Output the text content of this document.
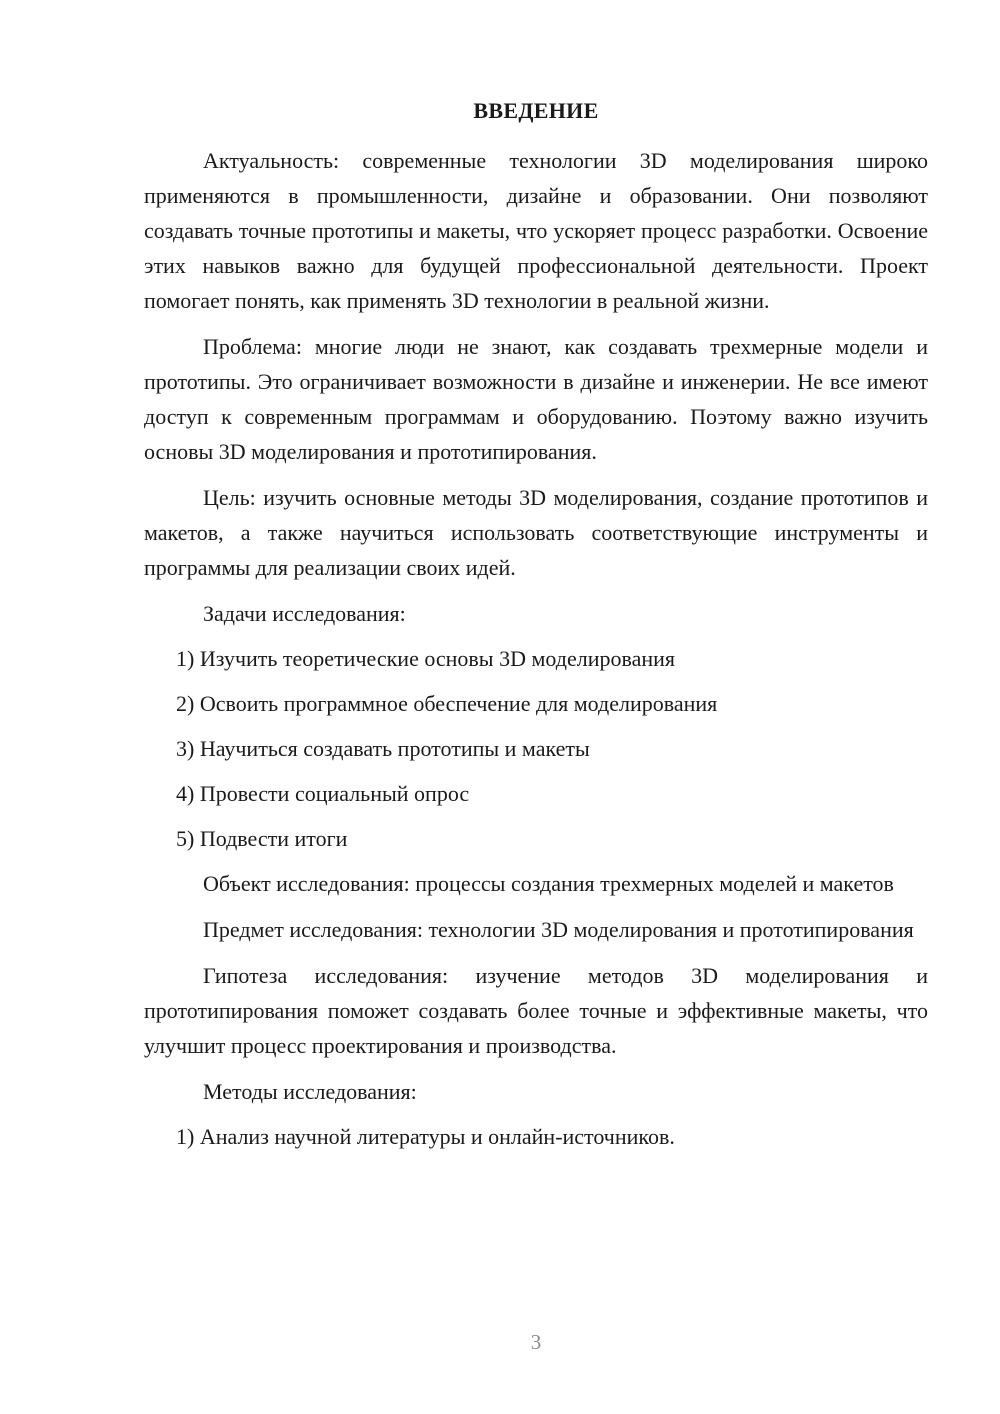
ВВЕДЕНИЕ

Актуальность: современные технологии 3D моделирования широко применяются в промышленности, дизайне и образовании. Они позволяют создавать точные прототипы и макеты, что ускоряет процесс разработки. Освоение этих навыков важно для будущей профессиональной деятельности. Проект помогает понять, как применять 3D технологии в реальной жизни.

Проблема: многие люди не знают, как создавать трехмерные модели и прототипы. Это ограничивает возможности в дизайне и инженерии. Не все имеют доступ к современным программам и оборудованию. Поэтому важно изучить основы 3D моделирования и прототипирования.

Цель: изучить основные методы 3D моделирования, создание прототипов и макетов, а также научиться использовать соответствующие инструменты и программы для реализации своих идей.

Задачи исследования:

1) Изучить теоретические основы 3D моделирования

2) Освоить программное обеспечение для моделирования

3) Научиться создавать прототипы и макеты

4) Провести социальный опрос

5) Подвести итоги

Объект исследования: процессы создания трехмерных моделей и макетов

Предмет исследования: технологии 3D моделирования и прототипирования

Гипотеза исследования: изучение методов 3D моделирования и прототипирования поможет создавать более точные и эффективные макеты, что улучшит процесс проектирования и производства.

Методы исследования:

1) Анализ научной литературы и онлайн-источников.

3
